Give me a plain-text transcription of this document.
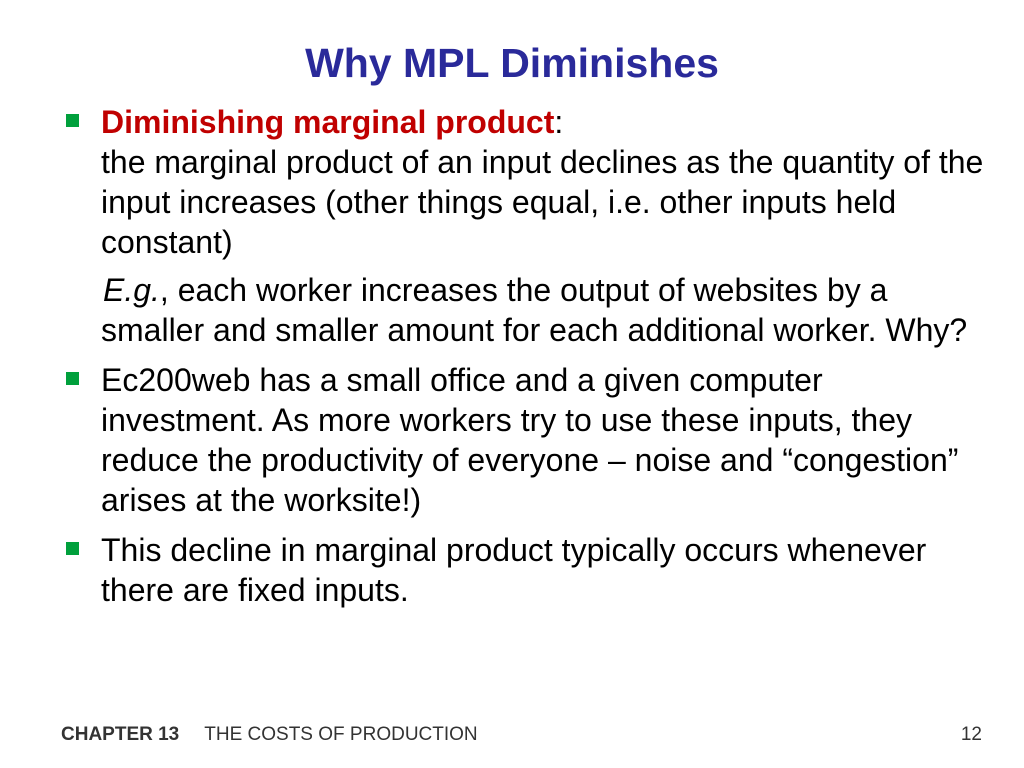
Why MPL Diminishes
Diminishing marginal product:
the marginal product of an input declines as the quantity of the input increases (other things equal, i.e. other inputs held constant)
E.g., each worker increases the output of websites by a smaller and smaller amount for each additional worker. Why?
Ec200web has a small office and a given computer investment. As more workers try to use these inputs, they reduce the productivity of everyone – noise and “congestion” arises at the worksite!)
This decline in marginal product typically occurs whenever there are fixed inputs.
CHAPTER 13 THE COSTS OF PRODUCTION	12
